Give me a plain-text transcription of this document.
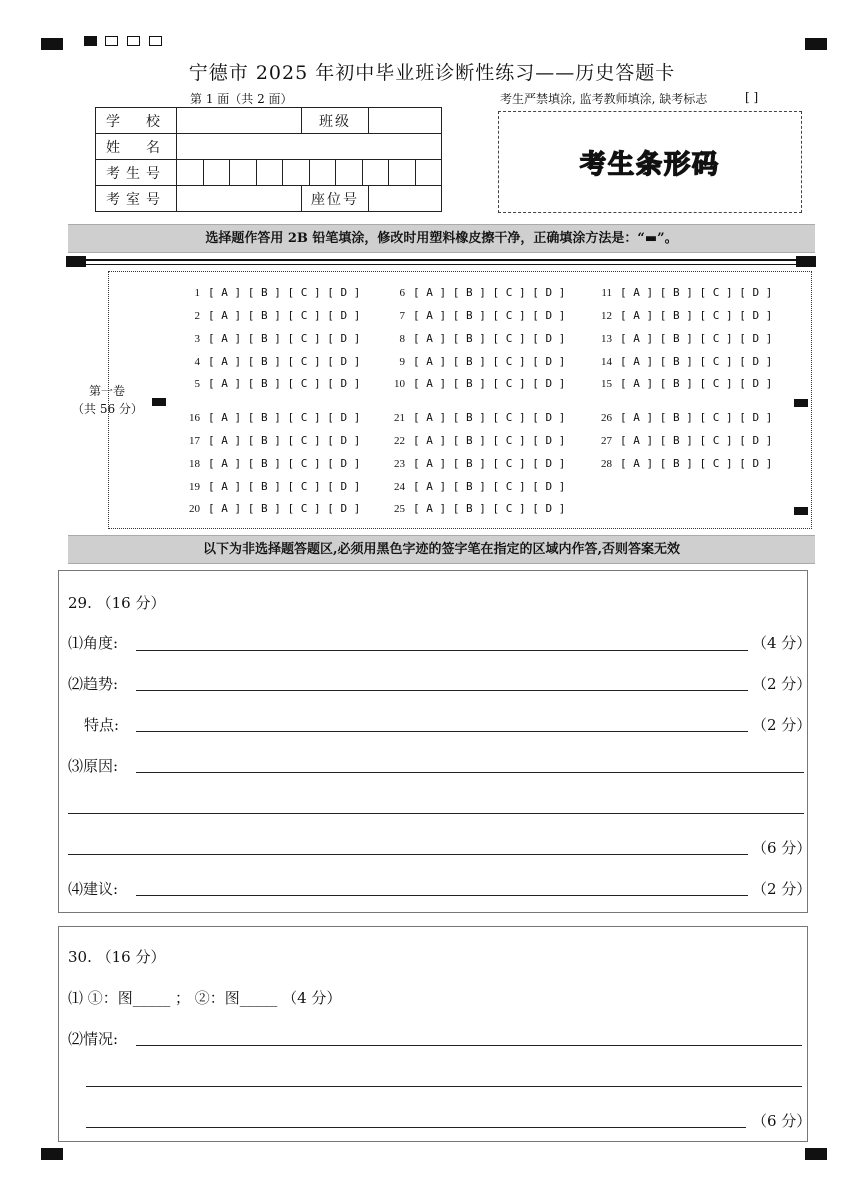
宁德市 2025 年初中毕业班诊断性练习——历史答题卡
第 1 面（共 2 面）	考生严禁填涂, 监考教师填涂, 缺考标志	[ ]
学　校		班级	
姓　名			
考生号			

考室号		座位号	
考生条形码
选择题作答用 2B 铅笔填涂，修改时用塑料橡皮擦干净，正确填涂方法是：“▬”。
第一卷
（共 56 分）
1 [ A ] [ B ] [ C ] [ D ]
2 [ A ] [ B ] [ C ] [ D ]
3 [ A ] [ B ] [ C ] [ D ]
4 [ A ] [ B ] [ C ] [ D ]
5 [ A ] [ B ] [ C ] [ D ]
6 [ A ] [ B ] [ C ] [ D ]
7 [ A ] [ B ] [ C ] [ D ]
8 [ A ] [ B ] [ C ] [ D ]
9 [ A ] [ B ] [ C ] [ D ]
10 [ A ] [ B ] [ C ] [ D ]
11 [ A ] [ B ] [ C ] [ D ]
12 [ A ] [ B ] [ C ] [ D ]
13 [ A ] [ B ] [ C ] [ D ]
14 [ A ] [ B ] [ C ] [ D ]
15 [ A ] [ B ] [ C ] [ D ]
16 [ A ] [ B ] [ C ] [ D ]
17 [ A ] [ B ] [ C ] [ D ]
18 [ A ] [ B ] [ C ] [ D ]
19 [ A ] [ B ] [ C ] [ D ]
20 [ A ] [ B ] [ C ] [ D ]
21 [ A ] [ B ] [ C ] [ D ]
22 [ A ] [ B ] [ C ] [ D ]
23 [ A ] [ B ] [ C ] [ D ]
24 [ A ] [ B ] [ C ] [ D ]
25 [ A ] [ B ] [ C ] [ D ]
26 [ A ] [ B ] [ C ] [ D ]
27 [ A ] [ B ] [ C ] [ D ]
28 [ A ] [ B ] [ C ] [ D ]
以下为非选择题答题区,必须用黑色字迹的签字笔在指定的区域内作答,否则答案无效
29. （16 分）
⑴角度:	（4 分）
⑵趋势:	（2 分）
特点:	（2 分）
⑶原因:
（6 分）
⑷建议:	（2 分）
30. （16 分）
⑴ ①：图_____ ； ②：图_____ （4 分）
⑵情况:
（6 分）
